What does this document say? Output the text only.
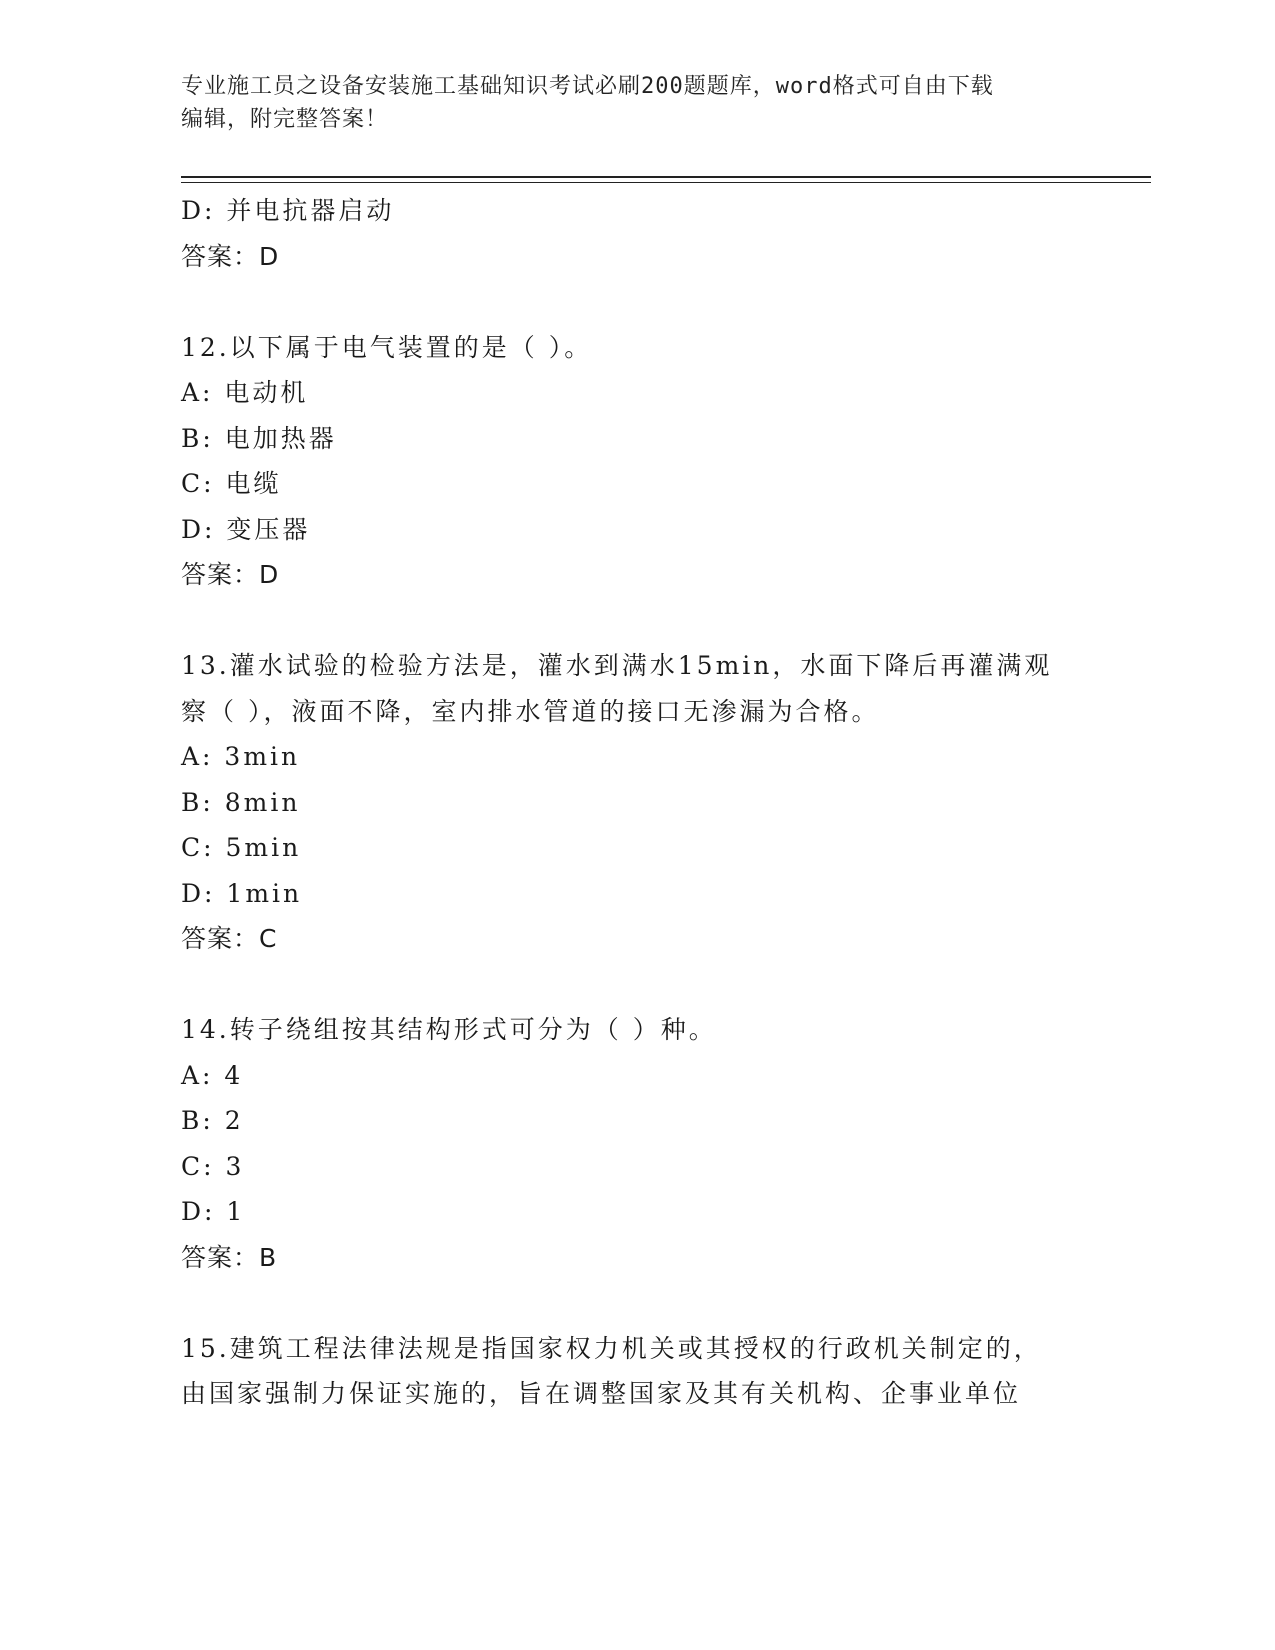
专业施工员之设备安装施工基础知识考试必刷200题题库，word格式可自由下载
编辑，附完整答案！
D: 并电抗器启动
答案：D
12.以下属于电气装置的是（ ）。
A: 电动机
B: 电加热器
C: 电缆
D: 变压器
答案：D
13.灌水试验的检验方法是，灌水到满水15min，水面下降后再灌满观
察（ ），液面不降，室内排水管道的接口无渗漏为合格。
A: 3min
B: 8min
C: 5min
D: 1min
答案：C
14.转子绕组按其结构形式可分为（ ）种。
A: 4
B: 2
C: 3
D: 1
答案：B
15.建筑工程法律法规是指国家权力机关或其授权的行政机关制定的，
由国家强制力保证实施的，旨在调整国家及其有关机构、企事业单位
